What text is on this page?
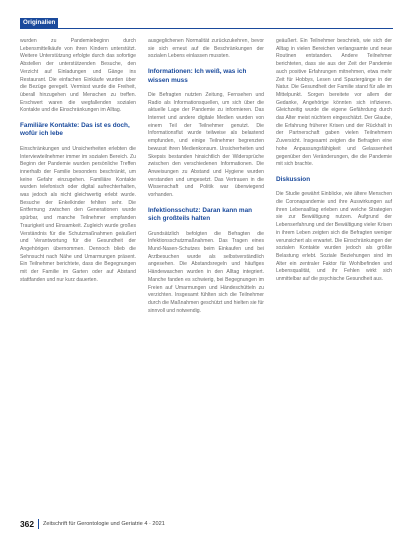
Originalien

wurden zu Pandemiebeginn durch Lebensmittelkäufe von ihren Kindern unterstützt. Weitere Unterstützung erfolgte durch das sofortige Abstellen der unterstützenden Besuche, den Verzicht auf Einladungen und Gänge ins Restaurant. Die einfachen Einkäufe wurden über die Bezüge geregelt. Vermisst wurde die Freiheit, überall hinzugehen und Menschen zu treffen. Erschwert waren die wegfallenden sozialen Kontakte und die Einschränkungen im Alltag.

Familiäre Kontakte: Das ist es doch, wofür ich lebe

Einschränkungen und Unsicherheiten erlebten die Interviewteilnehmer immer im sozialen Bereich. Zu Beginn der Pandemie wurden persönliche Treffen innerhalb der Familie besonders beschränkt, um keine Gefahr einzugehen. Familiäre Kontakte wurden telefonisch oder digital aufrechterhalten, was jedoch als nicht gleichwertig erlebt wurde. Besuche der Enkelkinder fehlten sehr. Die Entfernung zwischen den Generationen wurde spürbar, und manche Teilnehmer empfanden Traurigkeit und Einsamkeit. Zugleich wurde großes Verständnis für die Schutzmaßnahmen geäußert und Verantwortung für die Gesundheit der Angehörigen übernommen. Dennoch blieb die Sehnsucht nach Nähe und Umarmungen präsent. Ein Teilnehmer berichtete, dass die Begegnungen mit der Familie im Garten oder auf Abstand stattfanden und nur kurz dauerten.

ausgeglichenen Normalität zurückzukehren, bevor sie sich erneut auf die Beschränkungen der sozialen Lebens einlassen mussten.

Informationen: Ich weiß, was ich wissen muss

Die Befragten nutzten Zeitung, Fernsehen und Radio als Informationsquellen, um sich über die aktuelle Lage der Pandemie zu informieren. Das Internet und andere digitale Medien wurden von einem Teil der Teilnehmer genutzt. Die Informationsflut wurde teilweise als belastend empfunden, und einige Teilnehmer begrenzten bewusst ihren Medienkonsum. Unsicherheiten und Skepsis bestanden hinsichtlich der Widersprüche zwischen den verschiedenen Informationen. Die Anweisungen zu Abstand und Hygiene wurden verstanden und umgesetzt. Das Vertrauen in die Wissenschaft und Politik war überwiegend vorhanden.

Infektionsschutz: Daran kann man sich großteils halten

Grundsätzlich befolgten die Befragten die Infektionsschutzmaßnahmen. Das Tragen eines Mund-Nasen-Schutzes beim Einkaufen und bei Arztbesuchen wurde als selbstverständlich angesehen. Die Abstandsregeln und häufiges Händewaschen wurden in den Alltag integriert. Manche fanden es schwierig, bei Begegnungen im Freien auf Umarmungen und Händeschütteln zu verzichten. Insgesamt fühlten sich die Teilnehmer durch die Maßnahmen geschützt und hielten sie für sinnvoll und notwendig.

geäußert. Ein Teilnehmer beschrieb, wie sich der Alltag in vielen Bereichen verlangsamte und neue Routinen entstanden. Andere Teilnehmer berichteten, dass sie aus der Zeit der Pandemie auch positive Erfahrungen mitnehmen, etwa mehr Zeit für Hobbys, Lesen und Spaziergänge in der Natur. Die Gesundheit der Familie stand für alle im Mittelpunkt. Sorgen bereitete vor allem der Gedanke, Angehörige könnten sich infizieren. Gleichzeitig wurde die eigene Gefährdung durch das Alter meist nüchtern eingeschätzt. Der Glaube, die Erfahrung früherer Krisen und der Rückhalt in der Partnerschaft gaben vielen Teilnehmern Zuversicht. Insgesamt zeigten die Befragten eine hohe Anpassungsfähigkeit und Gelassenheit gegenüber den Veränderungen, die die Pandemie mit sich brachte.

Diskussion

Die Studie gewährt Einblicke, wie ältere Menschen die Coronapandemie und ihre Auswirkungen auf ihren Lebensalltag erleben und welche Strategien sie zur Bewältigung nutzen. Aufgrund der Lebenserfahrung und der Bewältigung vieler Krisen in ihrem Leben zeigten sich die Befragten weniger verunsichert als erwartet. Die Einschränkungen der sozialen Kontakte wurden jedoch als größte Belastung erlebt. Soziale Beziehungen sind im Alter ein zentraler Faktor für Wohlbefinden und Lebensqualität, und ihr Fehlen wirkt sich unmittelbar auf die psychische Gesundheit aus.

362 Zeitschrift für Gerontologie und Geriatrie 4 · 2021
